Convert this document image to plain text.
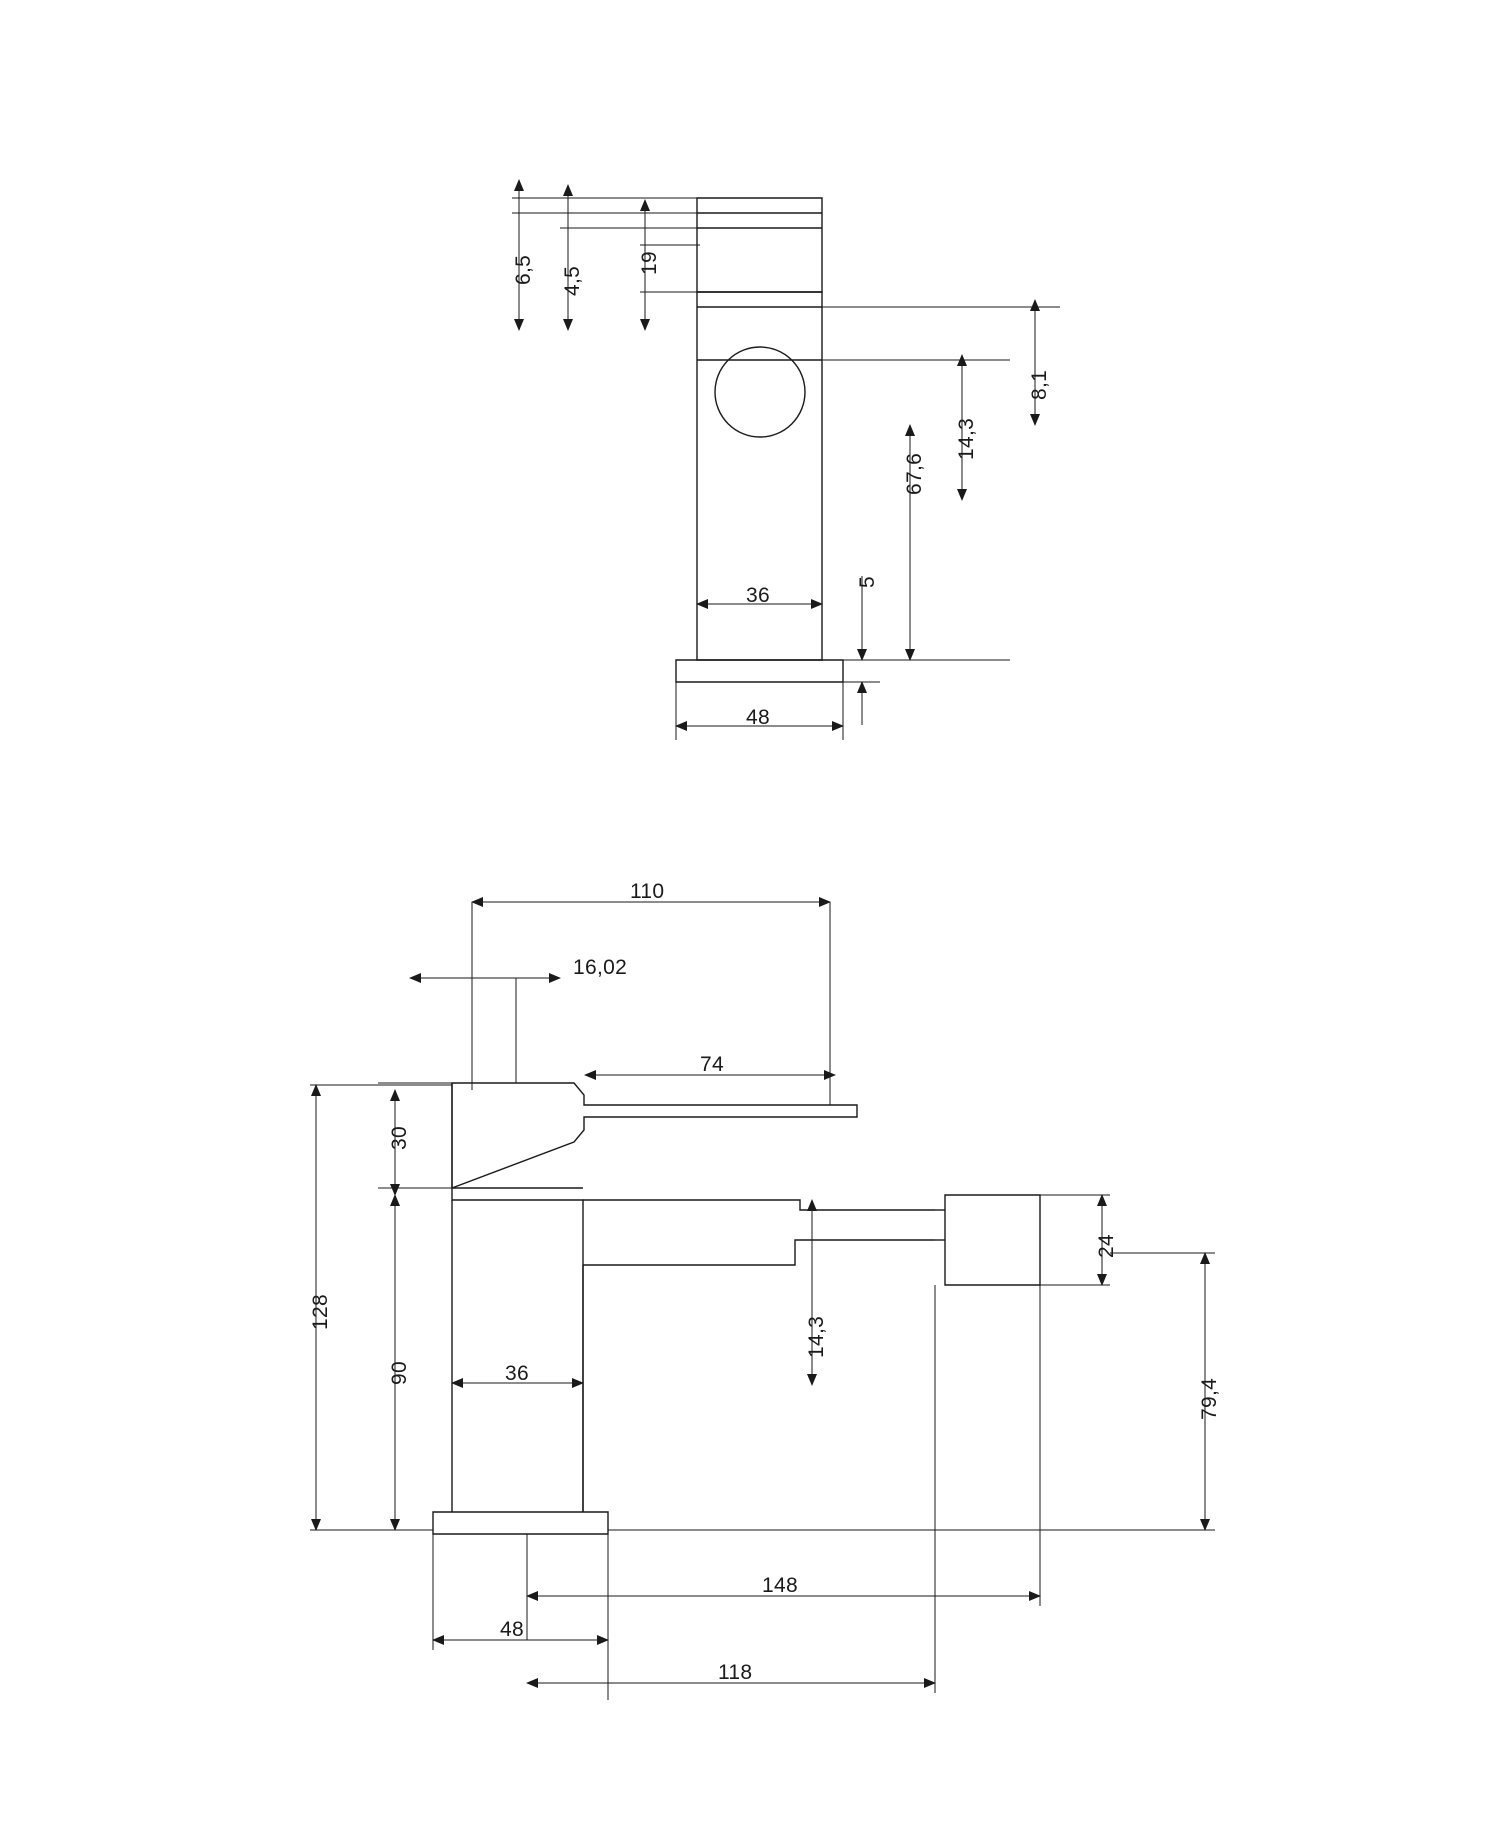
6,5 4,5
19
8,1
14,3
67,6
5
36
48
110
16,02
74
30
128
90
24
14,3
79,4
36
148
48
118
